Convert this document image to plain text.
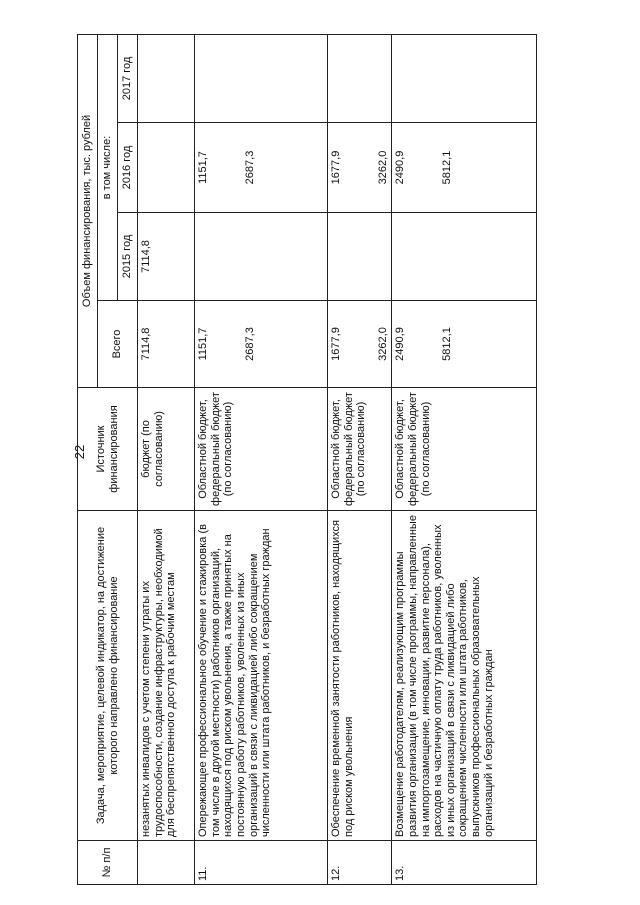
22
№ п/п	Задача, мероприятие, целевой индикатор, на достижение которого направлено финансирование	Источник финансирования	Объем финансирования, тыс. рублей			
			Всего	в том числе:		
				2015 год	2016 год	2017 год
	незанятых инвалидов с учетом степени утраты их трудоспособности, создание инфраструктуры, необходимой для беспрепятственного доступа к рабочим местам	бюджет (по согласованию)	7114,8	7114,8		
11.	Опережающее профессиональное обучение и стажировка (в том числе в другой местности) работников организаций, находящихся под риском увольнения, а также принятых на постоянную работу работников, уволенных из иных организаций в связи с ликвидацией либо сокращением численности или штата работников, и безработных граждан	Областной бюджет, федеральный бюджет (по согласованию)	1151,7 2687,3		1151,7 2687,3	

12.	Обеспечение временной занятости работников, находящихся под риском увольнения	Областной бюджет, федеральный бюджет (по согласованию)	1677,9 3262,0		1677,9 3262,0	

13.	Возмещение работодателям, реализующим программы развития организации (в том числе программы, направленные на импортозамещение, инновации, развитие персонала), расходов на частичную оплату труда работников, уволенных из иных организаций в связи с ликвидацией либо сокращением численности или штата работников, выпускников профессиональных образовательных организаций и безработных граждан	Областной бюджет, федеральный бюджет (по согласованию)	2490,9 5812,1		2490,9 5812,1	
